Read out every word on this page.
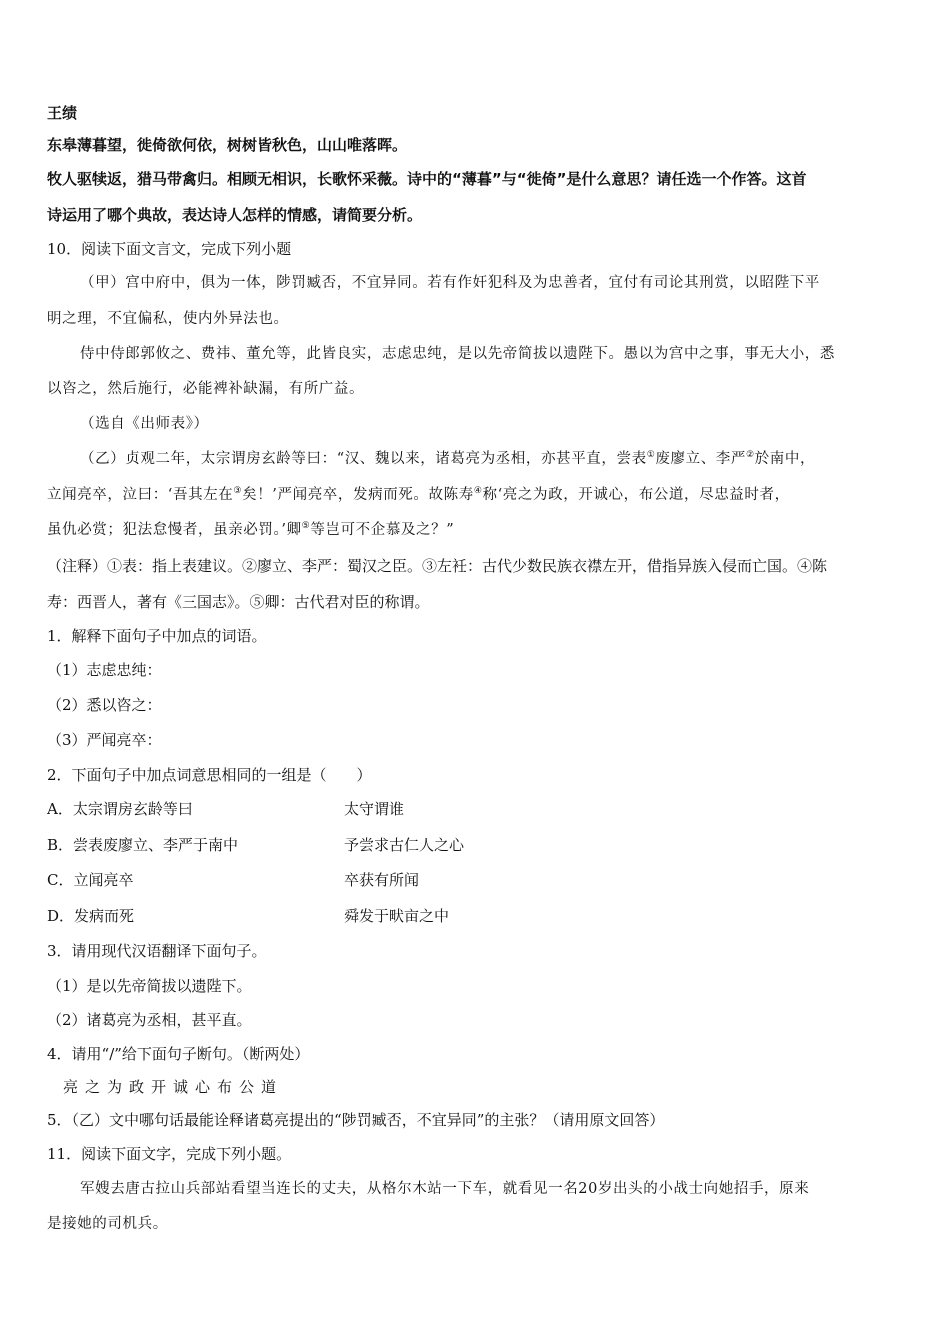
王绩
东皋薄暮望，徙倚欲何依，树树皆秋色，山山唯落晖。
牧人驱犊返，猎马带禽归。相顾无相识，长歌怀采薇。诗中的“薄暮”与“徙倚”是什么意思？请任选一个作答。这首
诗运用了哪个典故，表达诗人怎样的情感，请简要分析。
10．阅读下面文言文，完成下列小题
（甲）宫中府中，俱为一体，陟罚臧否，不宜异同。若有作奸犯科及为忠善者，宜付有司论其刑赏，以昭陛下平
明之理，不宜偏私，使内外异法也。
侍中侍郎郭攸之、费祎、董允等，此皆良实，志虑忠纯，是以先帝简拔以遗陛下。愚以为宫中之事，事无大小，悉
以咨之，然后施行，必能裨补缺漏，有所广益。
（选自《出师表》）
（乙）贞观二年，太宗谓房玄龄等曰：“汉、魏以来，诸葛亮为丞相，亦甚平直，尝表①废廖立、李严②於南中，
立闻亮卒，泣曰：‘吾其左在③矣！’严闻亮卒，发病而死。故陈寿④称‘亮之为政，开诚心，布公道，尽忠益时者，
虽仇必赏；犯法怠慢者，虽亲必罚。’卿⑤等岂可不企慕及之？”
（注释）①表：指上表建议。②廖立、李严：蜀汉之臣。③左衽：古代少数民族衣襟左开，借指异族入侵而亡国。④陈
寿：西晋人，著有《三国志》。⑤卿：古代君对臣的称谓。
1．解释下面句子中加点的词语。
（1）志虑忠纯：
（2）悉以咨之：
（3）严闻亮卒：
2．下面句子中加点词意思相同的一组是（　　）
A．太宗谓房玄龄等曰	太守谓谁
B．尝表废廖立、李严于南中	予尝求古仁人之心
C．立闻亮卒	卒获有所闻
D．发病而死	舜发于畎亩之中
3．请用现代汉语翻译下面句子。
（1）是以先帝简拔以遗陛下。
（2）诸葛亮为丞相，甚平直。
4．请用“/”给下面句子断句。（断两处）
亮之为政开诚心布公道
5．（乙）文中哪句话最能诠释诸葛亮提出的“陟罚臧否，不宜异同”的主张？（请用原文回答）
11．阅读下面文字，完成下列小题。
军嫂去唐古拉山兵部站看望当连长的丈夫，从格尔木站一下车，就看见一名20岁出头的小战士向她招手，原来
是接她的司机兵。
